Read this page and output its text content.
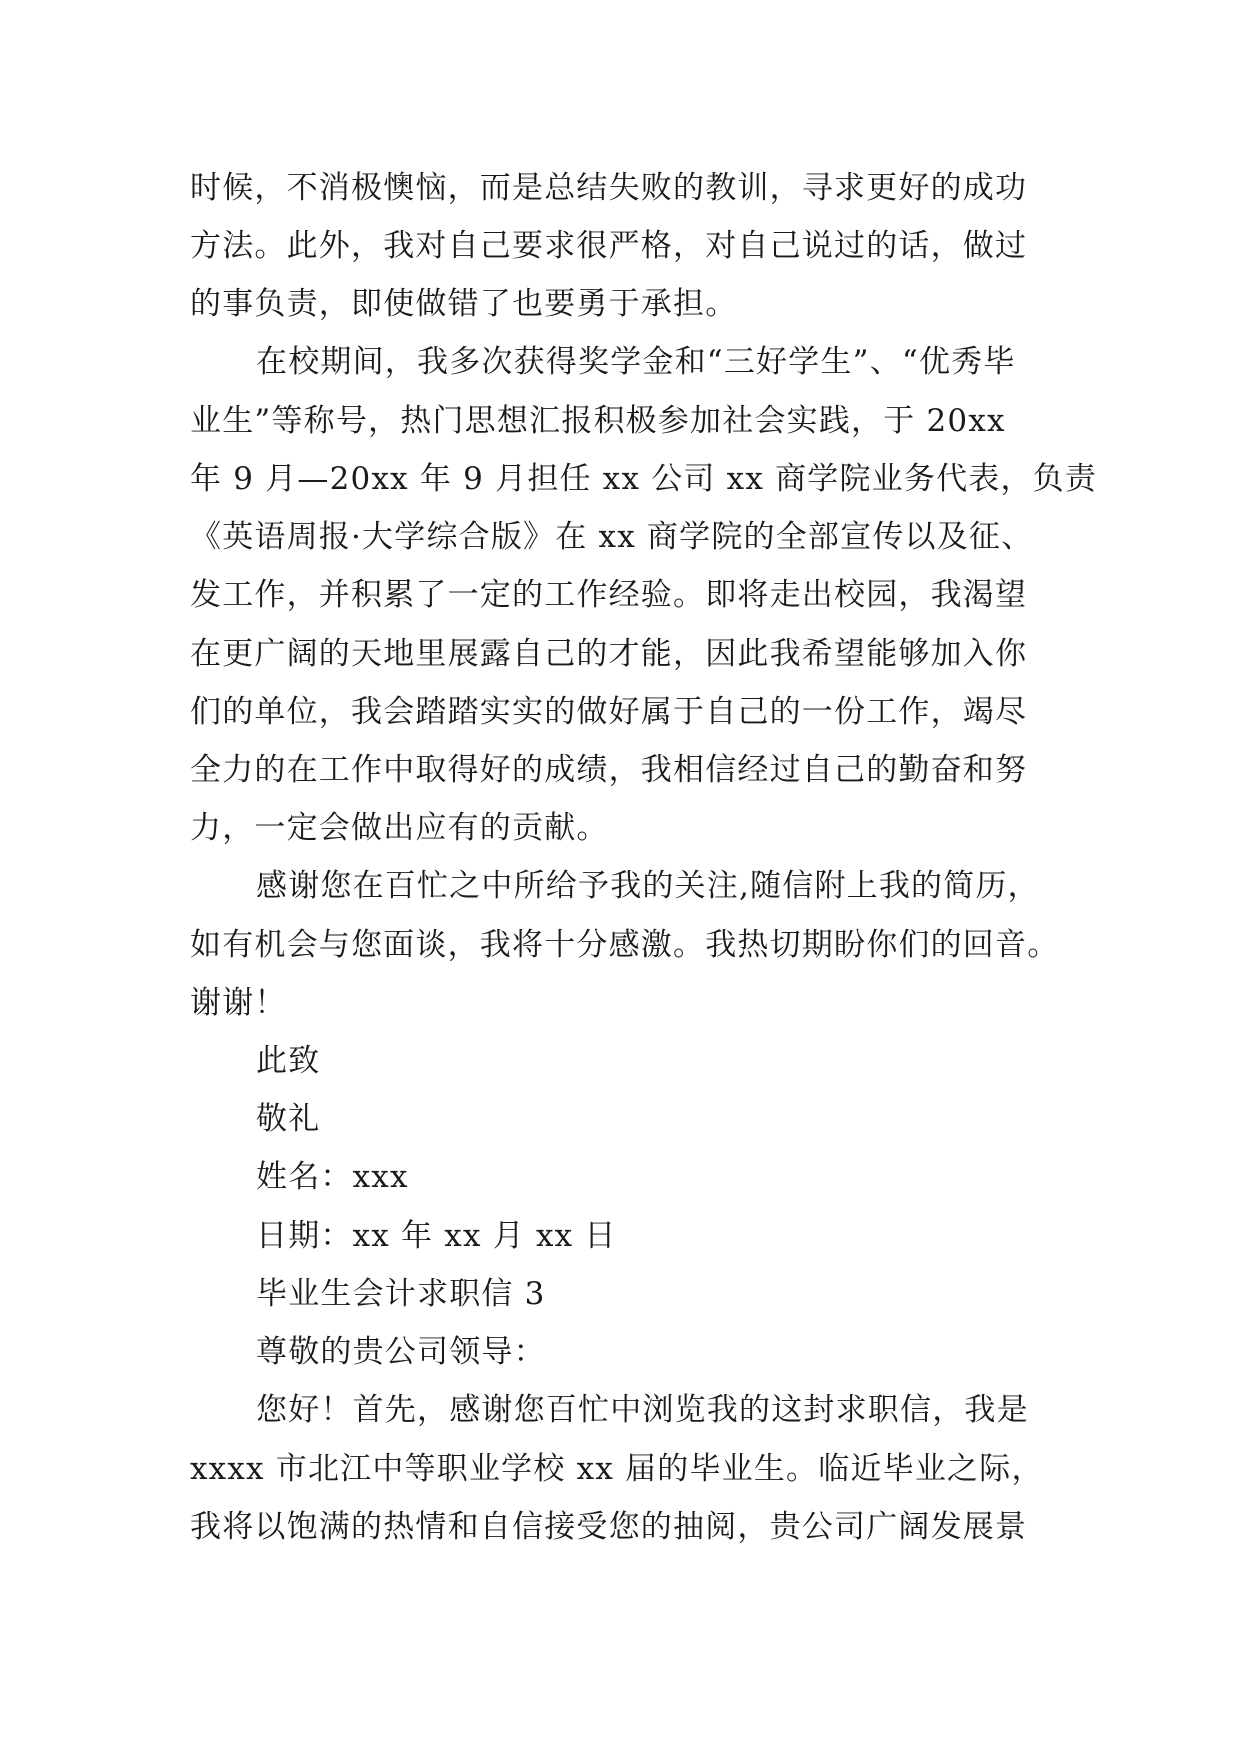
时候，不消极懊恼，而是总结失败的教训，寻求更好的成功
方法。此外，我对自己要求很严格，对自己说过的话，做过
的事负责，即使做错了也要勇于承担。
在校期间，我多次获得奖学金和“三好学生”、“优秀毕
业生”等称号，热门思想汇报积极参加社会实践，于 20xx
年 9 月—20xx 年 9 月担任 xx 公司 xx 商学院业务代表，负责
《英语周报·大学综合版》在 xx 商学院的全部宣传以及征、
发工作，并积累了一定的工作经验。即将走出校园，我渴望
在更广阔的天地里展露自己的才能，因此我希望能够加入你
们的单位，我会踏踏实实的做好属于自己的一份工作，竭尽
全力的在工作中取得好的成绩，我相信经过自己的勤奋和努
力，一定会做出应有的贡献。
感谢您在百忙之中所给予我的关注,随信附上我的简历，
如有机会与您面谈，我将十分感激。我热切期盼你们的回音。
谢谢！
此致
敬礼
姓名：xxx
日期：xx 年 xx 月 xx 日
毕业生会计求职信 3
尊敬的贵公司领导：
您好！首先，感谢您百忙中浏览我的这封求职信，我是
xxxx 市北江中等职业学校 xx 届的毕业生。临近毕业之际，
我将以饱满的热情和自信接受您的抽阅，贵公司广阔发展景
